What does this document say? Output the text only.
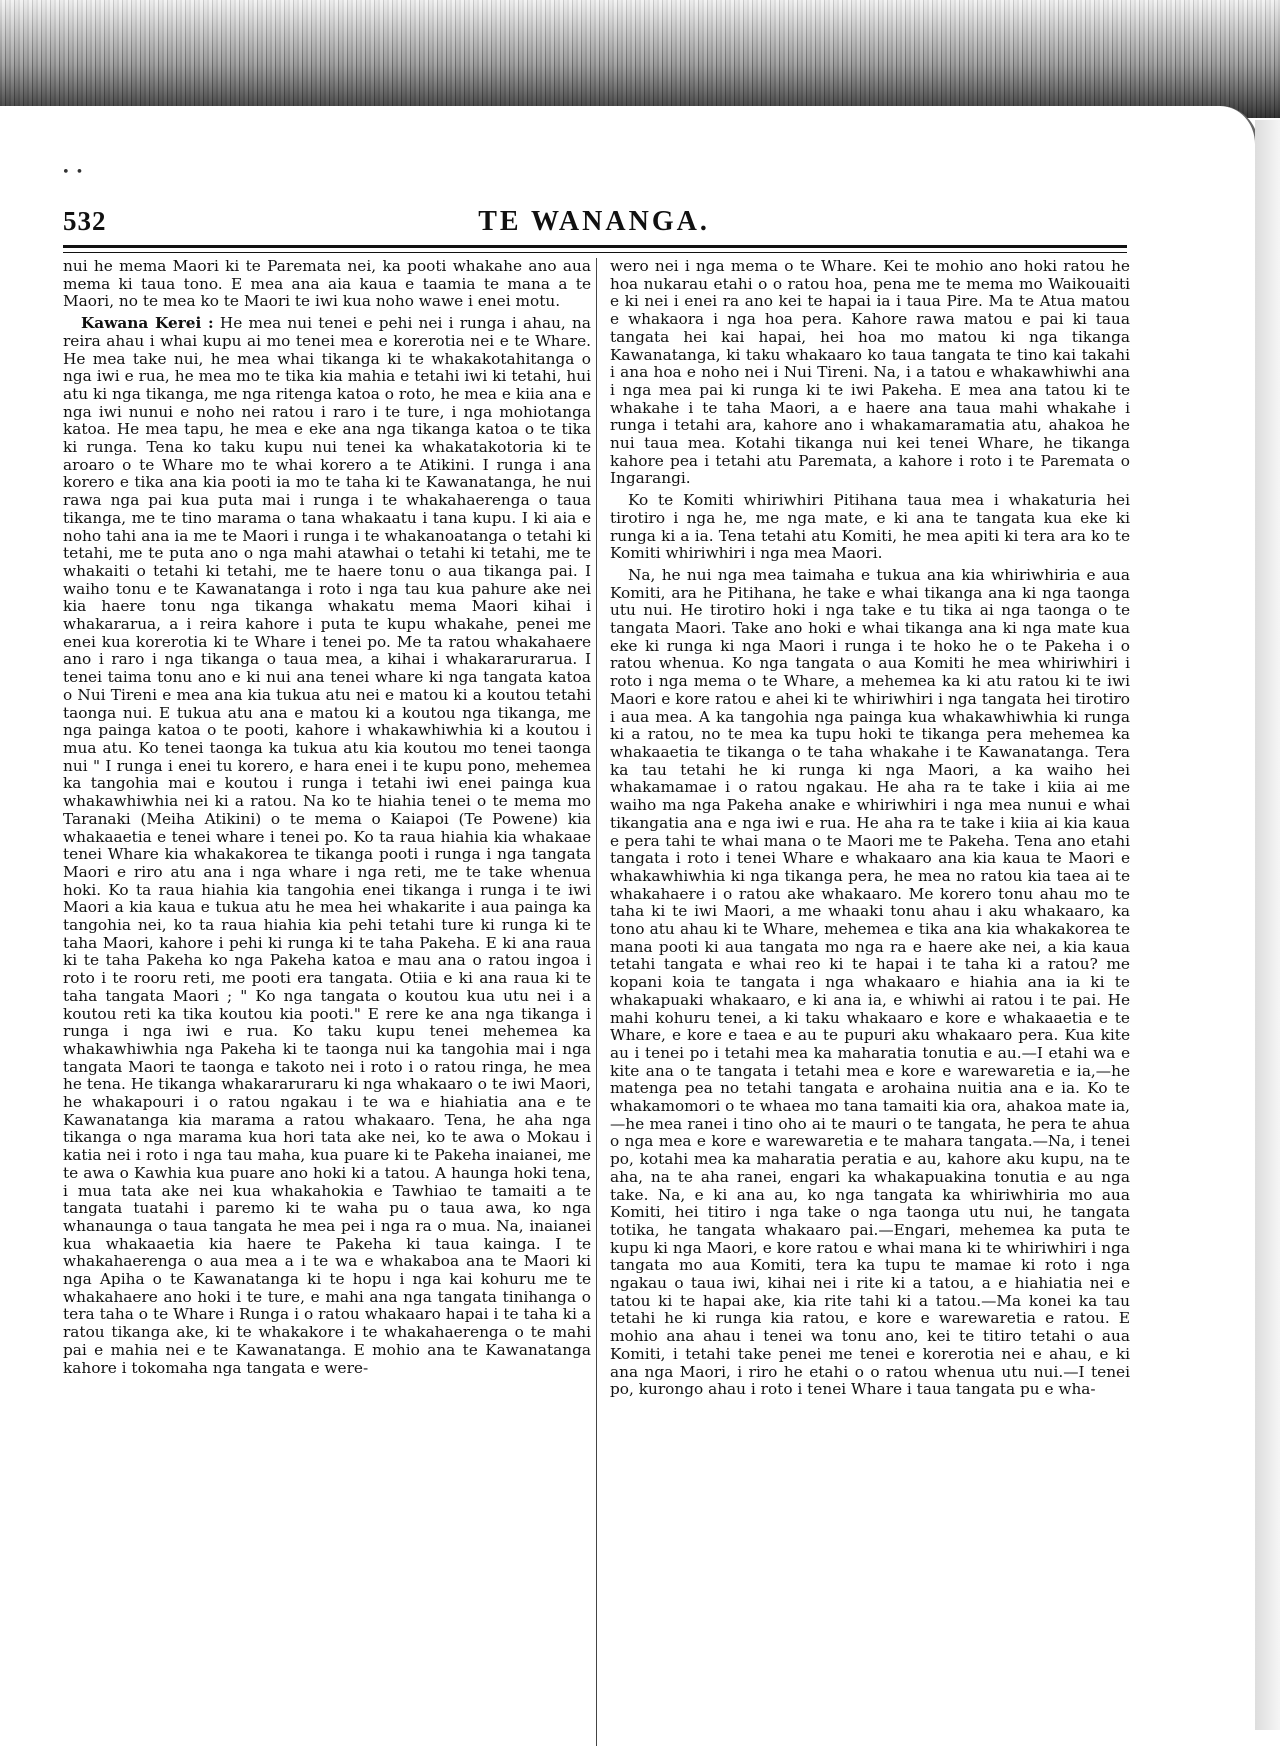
••
532	TE WANANGA.

nui he mema Maori ki te Paremata nei, ka pooti whakahe ano aua mema ki taua tono. E mea ana aia kaua e taamia te mana a te Maori, no te mea ko te Maori te iwi kua noho wawe i enei motu.

Kawana Kerei : He mea nui tenei e pehi nei i runga i ahau, na reira ahau i whai kupu ai mo tenei mea e korerotia nei e te Whare. He mea take nui, he mea whai tikanga ki te whakakotahitanga o nga iwi e rua, he mea mo te tika kia mahia e tetahi iwi ki tetahi, hui atu ki nga tikanga, me nga ritenga katoa o roto, he mea e kiia ana e nga iwi nunui e noho nei ratou i raro i te ture, i nga mohiotanga katoa. He mea tapu, he mea e eke ana nga tikanga katoa o te tika ki runga. Tena ko taku kupu nui tenei ka whakatakotoria ki te aroaro o te Whare mo te whai korero a te Atikini. I runga i ana korero e tika ana kia pooti ia mo te taha ki te Kawanatanga, he nui rawa nga pai kua puta mai i runga i te whakahaerenga o taua tikanga, me te tino marama o tana whakaatu i tana kupu. I ki aia e noho tahi ana ia me te Maori i runga i te whakanoatanga o tetahi ki tetahi, me te puta ano o nga mahi atawhai o tetahi ki tetahi, me te whakaiti o tetahi ki tetahi, me te haere tonu o aua tikanga pai. I waiho tonu e te Kawanatanga i roto i nga tau kua pahure ake nei kia haere tonu nga tikanga whakatu mema Maori kihai i whakararua, a i reira kahore i puta te kupu whakahe, penei me enei kua korerotia ki te Whare i tenei po. Me ta ratou whakahaere ano i raro i nga tikanga o taua mea, a kihai i whakararurarua. I tenei taima tonu ano e ki nui ana tenei whare ki nga tangata katoa o Nui Tireni e mea ana kia tukua atu nei e matou ki a koutou tetahi taonga nui. E tukua atu ana e matou ki a koutou nga tikanga, me nga painga katoa o te pooti, kahore i whakawhiwhia ki a koutou i mua atu. Ko tenei taonga ka tukua atu kia koutou mo tenei taonga nui " I runga i enei tu korero, e hara enei i te kupu pono, mehemea ka tangohia mai e koutou i runga i tetahi iwi enei painga kua whakawhiwhia nei ki a ratou. Na ko te hiahia tenei o te mema mo Taranaki (Meiha Atikini) o te mema o Kaiapoi (Te Powene) kia whakaaetia e tenei whare i tenei po. Ko ta raua hiahia kia whakaae tenei Whare kia whakakorea te tikanga pooti i runga i nga tangata Maori e riro atu ana i nga whare i nga reti, me te take whenua hoki. Ko ta raua hiahia kia tangohia enei tikanga i runga i te iwi Maori a kia kaua e tukua atu he mea hei whakarite i aua painga ka tangohia nei, ko ta raua hiahia kia pehi tetahi ture ki runga ki te taha Maori, kahore i pehi ki runga ki te taha Pakeha. E ki ana raua ki te taha Pakeha ko nga Pakeha katoa e mau ana o ratou ingoa i roto i te rooru reti, me pooti era tangata. Otiia e ki ana raua ki te taha tangata Maori ; " Ko nga tangata o koutou kua utu nei i a koutou reti ka tika koutou kia pooti." E rere ke ana nga tikanga i runga i nga iwi e rua. Ko taku kupu tenei mehemea ka whakawhiwhia nga Pakeha ki te taonga nui ka tangohia mai i nga tangata Maori te taonga e takoto nei i roto i o ratou ringa, he mea he tena. He tikanga whakararuraru ki nga whakaaro o te iwi Maori, he whakapouri i o ratou ngakau i te wa e hiahiatia ana e te Kawanatanga kia marama a ratou whakaaro. Tena, he aha nga tikanga o nga marama kua hori tata ake nei, ko te awa o Mokau i katia nei i roto i nga tau maha, kua puare ki te Pakeha inaianei, me te awa o Kawhia kua puare ano hoki ki a tatou. A haunga hoki tena, i mua tata ake nei kua whakahokia e Tawhiao te tamaiti a te tangata tuatahi i paremo ki te waha pu o taua awa, ko nga whanaunga o taua tangata he mea pei i nga ra o mua. Na, inaianei kua whakaaetia kia haere te Pakeha ki taua kainga. I te whakahaerenga o aua mea a i te wa e whakaboa ana te Maori ki nga Apiha o te Kawanatanga ki te hopu i nga kai kohuru me te whakahaere ano hoki i te ture, e mahi ana nga tangata tinihanga o tera taha o te Whare i Runga i o ratou whakaaro hapai i te taha ki a ratou tikanga ake, ki te whakakore i te whakahaerenga o te mahi pai e mahia nei e te Kawanatanga. E mohio ana te Kawanatanga kahore i tokomaha nga tangata e were-

wero nei i nga mema o te Whare. Kei te mohio ano hoki ratou he hoa nukarau etahi o o ratou hoa, pena me te mema mo Waikouaiti e ki nei i enei ra ano kei te hapai ia i taua Pire. Ma te Atua matou e whakaora i nga hoa pera. Kahore rawa matou e pai ki taua tangata hei kai hapai, hei hoa mo matou ki nga tikanga Kawanatanga, ki taku whakaaro ko taua tangata te tino kai takahi i ana hoa e noho nei i Nui Tireni. Na, i a tatou e whakawhiwhi ana i nga mea pai ki runga ki te iwi Pakeha. E mea ana tatou ki te whakahe i te taha Maori, a e haere ana taua mahi whakahe i runga i tetahi ara, kahore ano i whakamaramatia atu, ahakoa he nui taua mea. Kotahi tikanga nui kei tenei Whare, he tikanga kahore pea i tetahi atu Paremata, a kahore i roto i te Paremata o Ingarangi.

Ko te Komiti whiriwhiri Pitihana taua mea i whakaturia hei tirotiro i nga he, me nga mate, e ki ana te tangata kua eke ki runga ki a ia. Tena tetahi atu Komiti, he mea apiti ki tera ara ko te Komiti whiriwhiri i nga mea Maori.

Na, he nui nga mea taimaha e tukua ana kia whiriwhiria e aua Komiti, ara he Pitihana, he take e whai tikanga ana ki nga taonga utu nui. He tirotiro hoki i nga take e tu tika ai nga taonga o te tangata Maori. Take ano hoki e whai tikanga ana ki nga mate kua eke ki runga ki nga Maori i runga i te hoko he o te Pakeha i o ratou whenua. Ko nga tangata o aua Komiti he mea whiriwhiri i roto i nga mema o te Whare, a mehemea ka ki atu ratou ki te iwi Maori e kore ratou e ahei ki te whiriwhiri i nga tangata hei tirotiro i aua mea. A ka tangohia nga painga kua whakawhiwhia ki runga ki a ratou, no te mea ka tupu hoki te tikanga pera mehemea ka whakaaetia te tikanga o te taha whakahe i te Kawanatanga. Tera ka tau tetahi he ki runga ki nga Maori, a ka waiho hei whakamamae i o ratou ngakau. He aha ra te take i kiia ai me waiho ma nga Pakeha anake e whiriwhiri i nga mea nunui e whai tikangatia ana e nga iwi e rua. He aha ra te take i kiia ai kia kaua e pera tahi te whai mana o te Maori me te Pakeha. Tena ano etahi tangata i roto i tenei Whare e whakaaro ana kia kaua te Maori e whakawhiwhia ki nga tikanga pera, he mea no ratou kia taea ai te whakahaere i o ratou ake whakaaro. Me korero tonu ahau mo te taha ki te iwi Maori, a me whaaki tonu ahau i aku whakaaro, ka tono atu ahau ki te Whare, mehemea e tika ana kia whakakorea te mana pooti ki aua tangata mo nga ra e haere ake nei, a kia kaua tetahi tangata e whai reo ki te hapai i te taha ki a ratou? me kopani koia te tangata i nga whakaaro e hiahia ana ia ki te whakapuaki whakaaro, e ki ana ia, e whiwhi ai ratou i te pai. He mahi kohuru tenei, a ki taku whakaaro e kore e whakaaetia e te Whare, e kore e taea e au te pupuri aku whakaaro pera. Kua kite au i tenei po i tetahi mea ka maharatia tonutia e au.—I etahi wa e kite ana o te tangata i tetahi mea e kore e warewaretia e ia,—he matenga pea no tetahi tangata e arohaina nuitia ana e ia. Ko te whakamomori o te whaea mo tana tamaiti kia ora, ahakoa mate ia,—he mea ranei i tino oho ai te mauri o te tangata, he pera te ahua o nga mea e kore e warewaretia e te mahara tangata.—Na, i tenei po, kotahi mea ka maharatia peratia e au, kahore aku kupu, na te aha, na te aha ranei, engari ka whakapuakina tonutia e au nga take. Na, e ki ana au, ko nga tangata ka whiriwhiria mo aua Komiti, hei titiro i nga take o nga taonga utu nui, he tangata totika, he tangata whakaaro pai.—Engari, mehemea ka puta te kupu ki nga Maori, e kore ratou e whai mana ki te whiriwhiri i nga tangata mo aua Komiti, tera ka tupu te mamae ki roto i nga ngakau o taua iwi, kihai nei i rite ki a tatou, a e hiahiatia nei e tatou ki te hapai ake, kia rite tahi ki a tatou.—Ma konei ka tau tetahi he ki runga kia ratou, e kore e warewaretia e ratou. E mohio ana ahau i tenei wa tonu ano, kei te titiro tetahi o aua Komiti, i tetahi take penei me tenei e korerotia nei e ahau, e ki ana nga Maori, i riro he etahi o o ratou whenua utu nui.—I tenei po, kurongo ahau i roto i tenei Whare i taua tangata pu e wha-
